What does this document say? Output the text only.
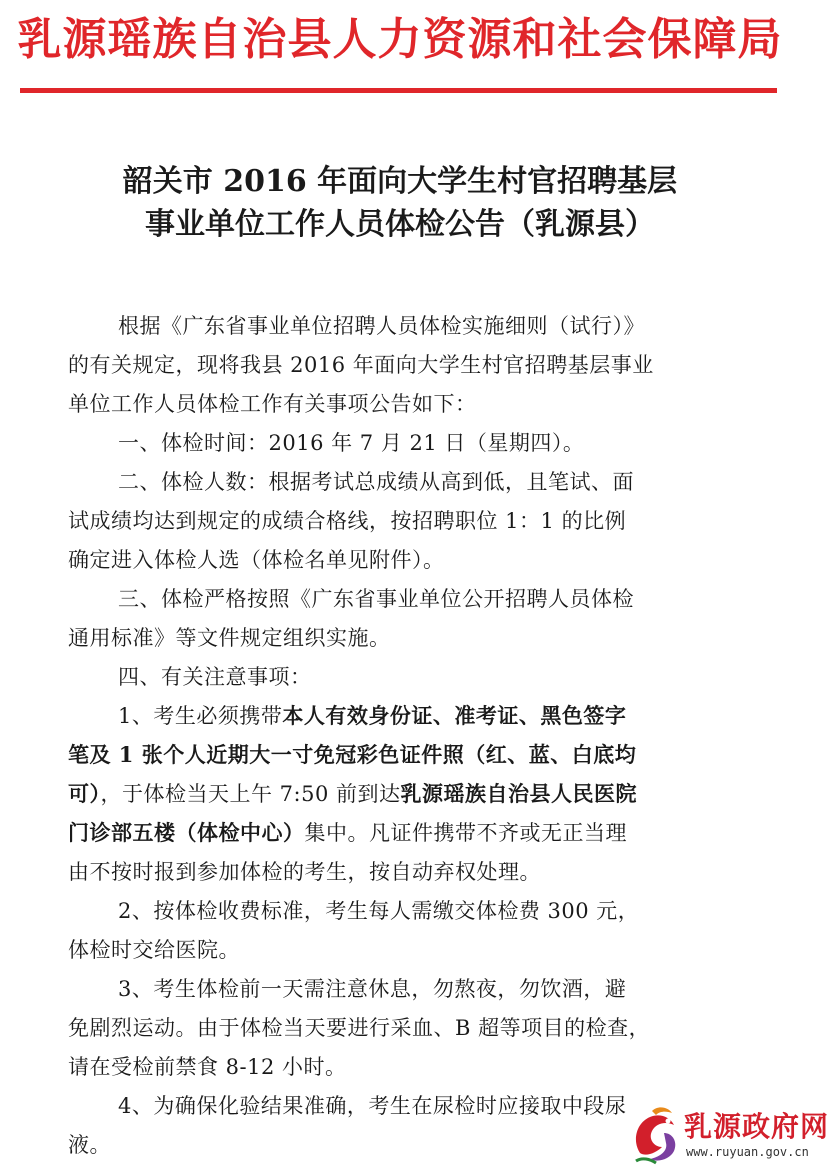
乳源瑶族自治县人力资源和社会保障局
韶关市 2016 年面向大学生村官招聘基层
事业单位工作人员体检公告（乳源县）
根据《广东省事业单位招聘人员体检实施细则（试行）》
的有关规定，现将我县 2016 年面向大学生村官招聘基层事业
单位工作人员体检工作有关事项公告如下：
一、体检时间：2016 年 7 月 21 日（星期四）。
二、体检人数：根据考试总成绩从高到低，且笔试、面
试成绩均达到规定的成绩合格线，按招聘职位 1：1 的比例
确定进入体检人选（体检名单见附件）。
三、体检严格按照《广东省事业单位公开招聘人员体检
通用标准》等文件规定组织实施。
四、有关注意事项：
1、考生必须携带本人有效身份证、准考证、黑色签字
笔及 1 张个人近期大一寸免冠彩色证件照（红、蓝、白底均
可），于体检当天上午 7:50 前到达乳源瑶族自治县人民医院
门诊部五楼（体检中心）集中。凡证件携带不齐或无正当理
由不按时报到参加体检的考生，按自动弃权处理。
2、按体检收费标准，考生每人需缴交体检费 300 元，
体检时交给医院。
3、考生体检前一天需注意休息，勿熬夜，勿饮酒，避
免剧烈运动。由于体检当天要进行采血、B 超等项目的检查，
请在受检前禁食 8-12 小时。
4、为确保化验结果准确，考生在尿检时应接取中段尿
液。
乳源政府网
www.ruyuan.gov.cn
